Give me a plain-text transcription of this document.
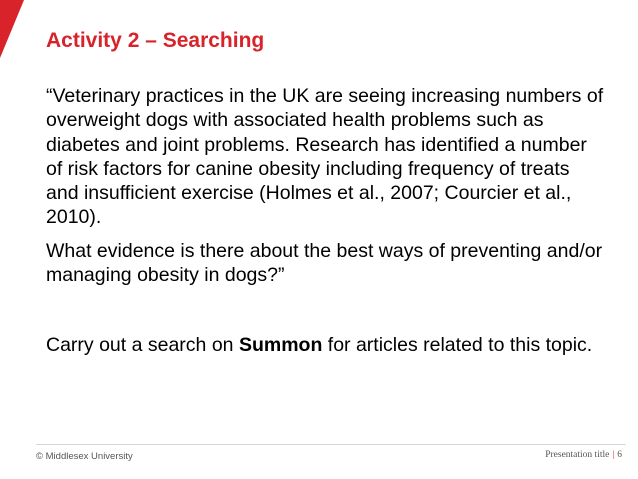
Activity 2 – Searching

“Veterinary practices in the UK are seeing increasing numbers of overweight dogs with associated health problems such as diabetes and joint problems. Research has identified a number of risk factors for canine obesity including frequency of treats and insufficient exercise (Holmes et al., 2007; Courcier et al., 2010).

What evidence is there about the best ways of preventing and/or managing obesity in dogs?”

Carry out a search on Summon for articles related to this topic.

© Middlesex University	Presentation title | 6
